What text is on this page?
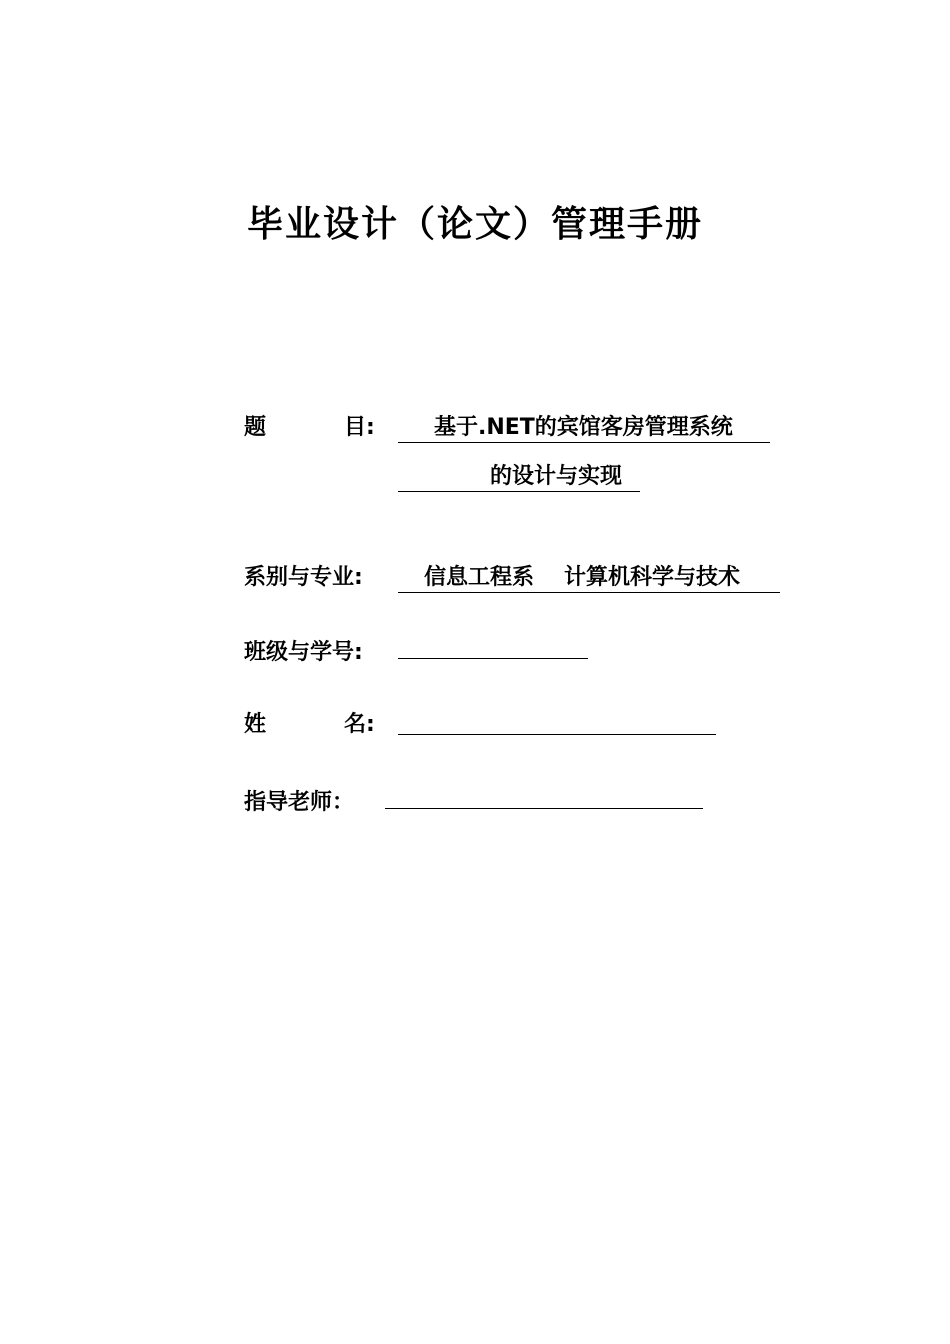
毕业设计（论文）管理手册
题	目:	基于.NET的宾馆客房管理系统
的设计与实现
系别与专业:	信息工程系 计算机科学与技术
班级与学号:
姓	名:
指导老师：
